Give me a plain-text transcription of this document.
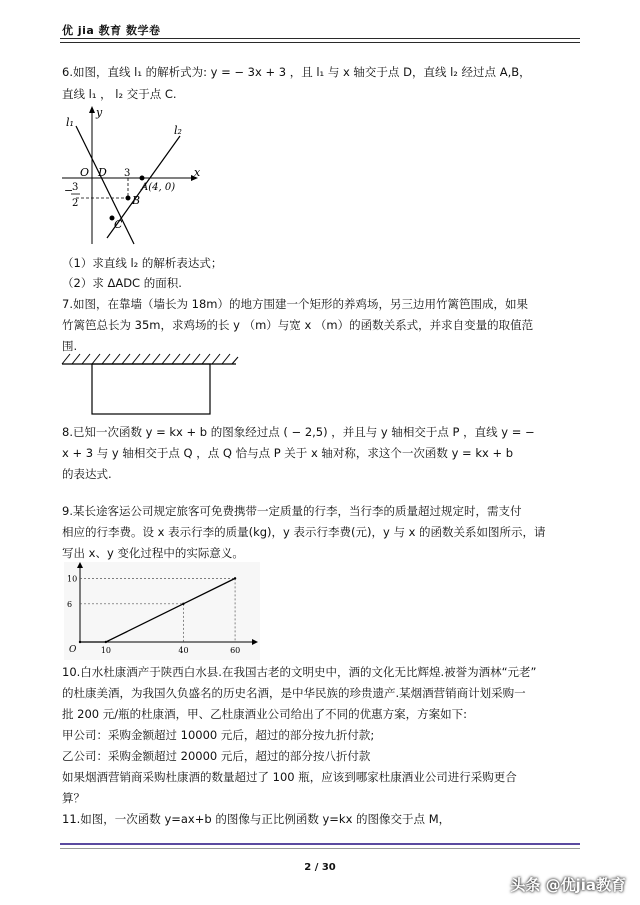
优 jia 教育 数学卷
6.如图，直线 l₁ 的解析式为: y = − 3x + 3 ，且 l₁ 与 x 轴交于点 D，直线 l₂ 经过点 A,B，
直线 l₁ ， l₂ 交于点 C.
l₁
l₂
x
y
O D 3
A(4, 0)
B
C
−
3
2
（1）求直线 l₂ 的解析表达式；
（2）求 ΔADC 的面积.
7.如图，在靠墙（墙长为 18m）的地方围建一个矩形的养鸡场，另三边用竹篱笆围成，如果
竹篱笆总长为 35m，求鸡场的长 y （m）与宽 x （m）的函数关系式，并求自变量的取值范
围.
8.已知一次函数 y = kx + b 的图象经过点 ( − 2,5) ，并且与 y 轴相交于点 P ，直线 y = −
x + 3 与 y 轴相交于点 Q ，点 Q 恰与点 P 关于 x 轴对称，求这个一次函数 y = kx + b
的表达式.
9.某长途客运公司规定旅客可免费携带一定质量的行李，当行李的质量超过规定时，需支付
相应的行李费。设 x 表示行李的质量(kg)，y 表示行李费(元)，y 与 x 的函数关系如图所示，请
写出 x、y 变化过程中的实际意义。
O	10	40	60
6
10
10.白水杜康酒产于陕西白水县.在我国古老的文明史中，酒的文化无比辉煌.被誉为酒林“元老”
的杜康美酒，为我国久负盛名的历史名酒，是中华民族的珍贵遗产.某烟酒营销商计划采购一
批 200 元/瓶的杜康酒，甲、乙杜康酒业公司给出了不同的优惠方案，方案如下:
甲公司：采购金额超过 10000 元后，超过的部分按九折付款;
乙公司：采购金额超过 20000 元后，超过的部分按八折付款
如果烟酒营销商采购杜康酒的数量超过了 100 瓶，应该到哪家杜康酒业公司进行采购更合
算？
11.如图，一次函数 y=ax+b 的图像与正比例函数 y=kx 的图像交于点 M，
2 / 30
头条 @优jia教育
